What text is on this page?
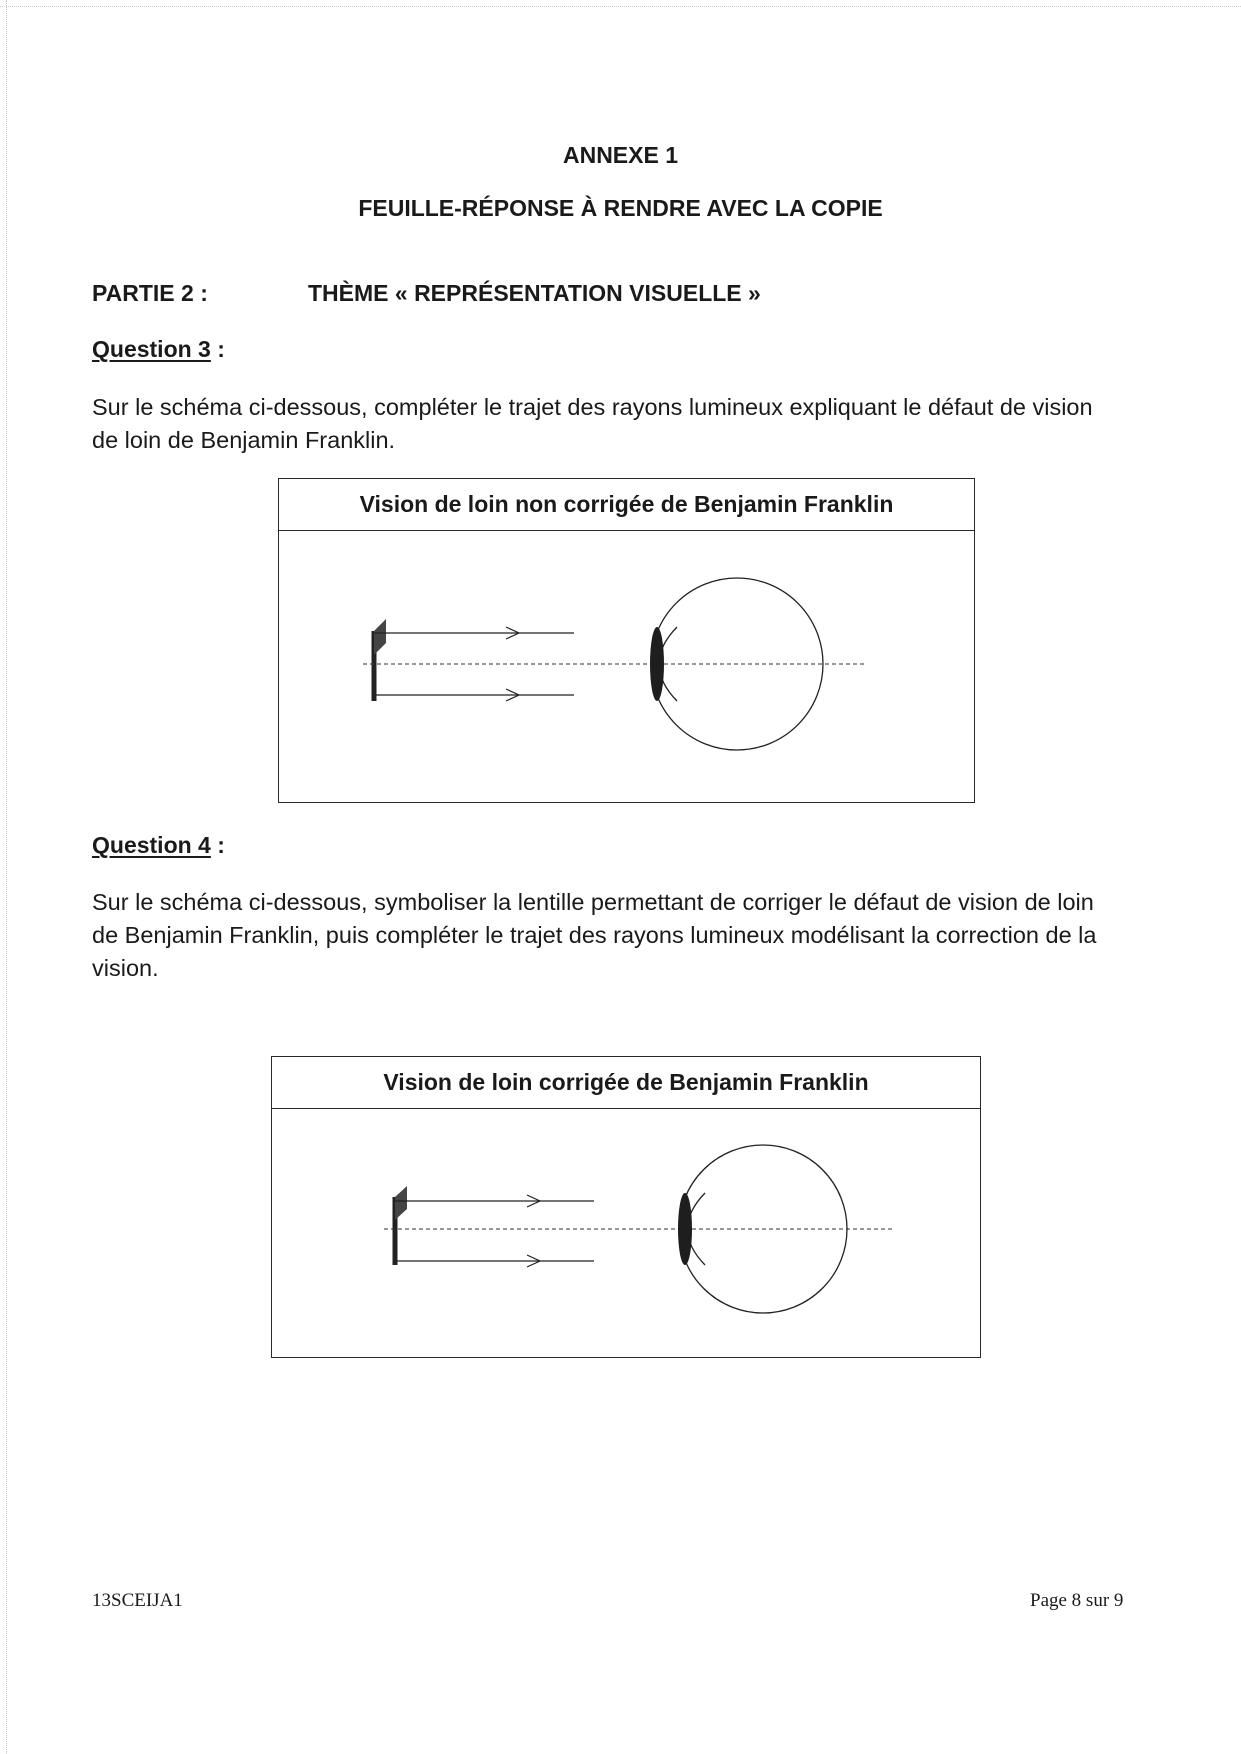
ANNEXE 1
FEUILLE-RÉPONSE À RENDRE AVEC LA COPIE
PARTIE 2 :	THÈME « REPRÉSENTATION VISUELLE »
Question 3 :
Sur le schéma ci-dessous, compléter le trajet des rayons lumineux expliquant le défaut de vision
de loin de Benjamin Franklin.
Vision de loin non corrigée de Benjamin Franklin
Question 4 :
Sur le schéma ci-dessous, symboliser la lentille permettant de corriger le défaut de vision de loin
de Benjamin Franklin, puis compléter le trajet des rayons lumineux modélisant la correction de la
vision.
Vision de loin corrigée de Benjamin Franklin
13SCEIJA1	Page 8 sur 9
